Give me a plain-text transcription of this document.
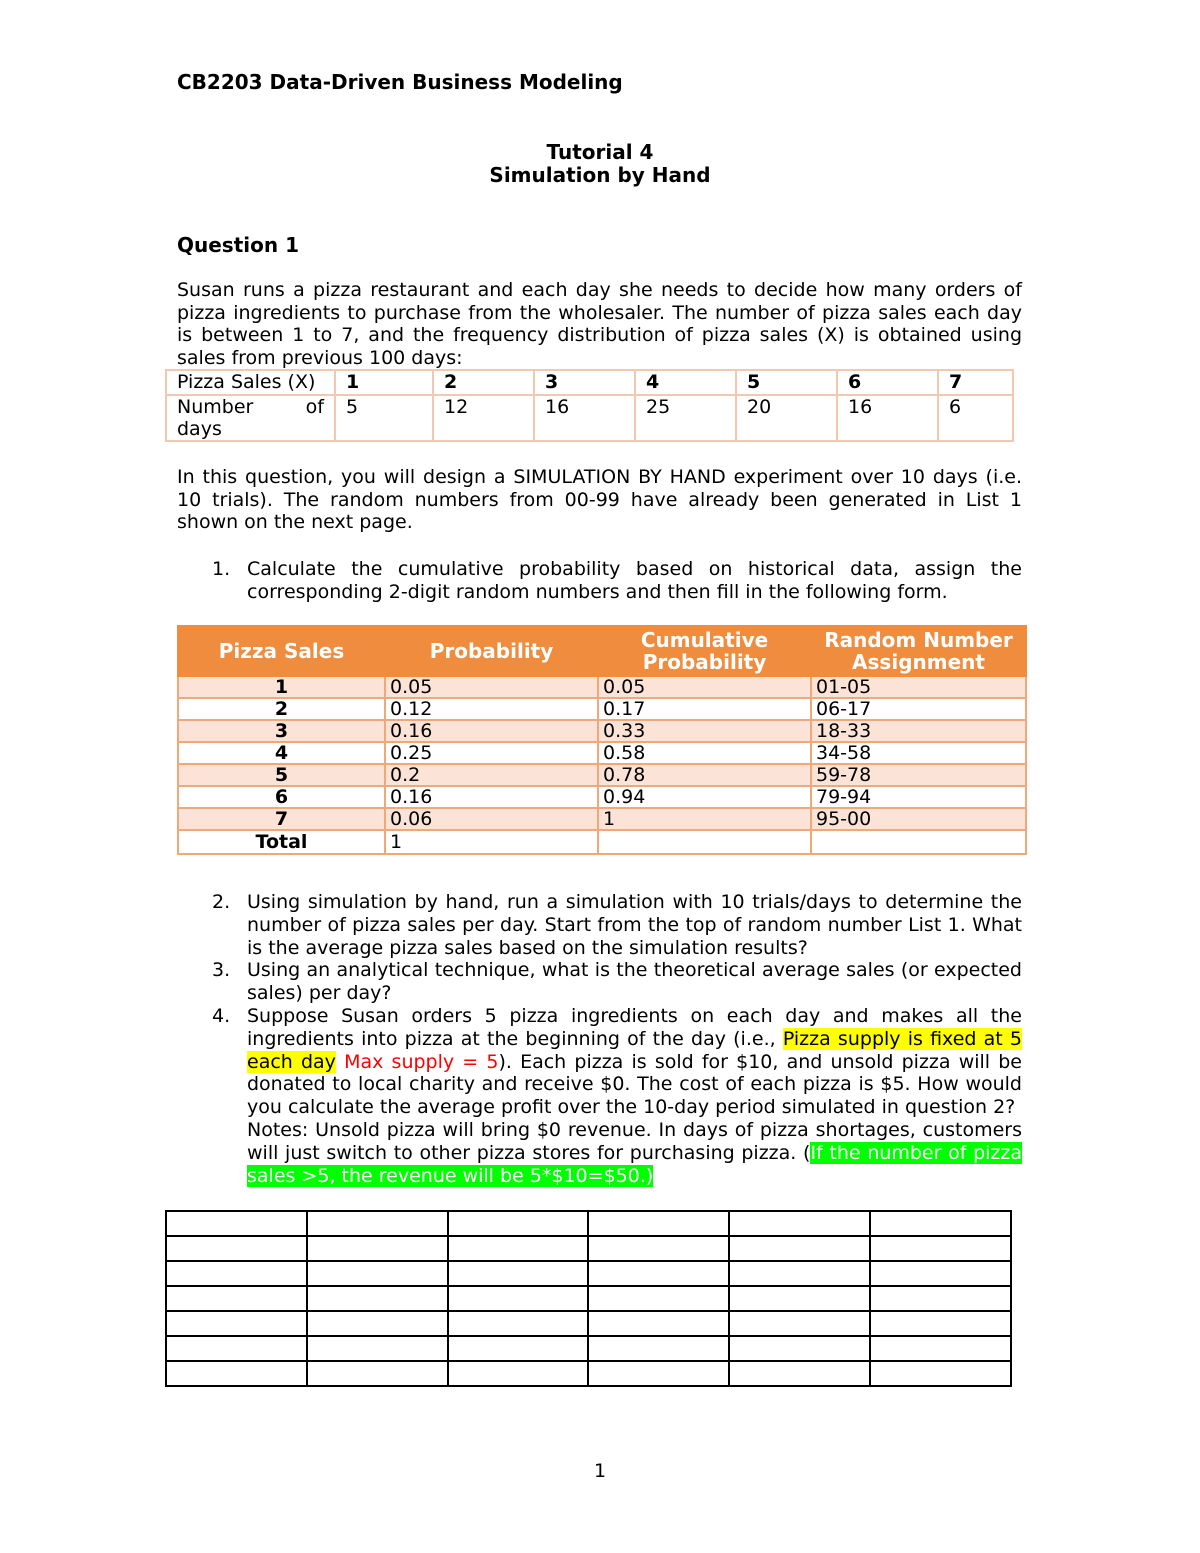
CB2203 Data-Driven Business Modeling
Tutorial 4
Simulation by Hand
Question 1

Susan runs a pizza restaurant and each day she needs to decide how many orders of pizza ingredients to purchase from the wholesaler. The number of pizza sales each day is between 1 to 7, and the frequency distribution of pizza sales (X) is obtained using sales from previous 100 days:

Pizza Sales (X)	1	2	3	4	5	6	7
Number of days	5	12	16	25	20	16	6

In this question, you will design a SIMULATION BY HAND experiment over 10 days (i.e. 10 trials). The random numbers from 00-99 have already been generated in List 1 shown on the next page.

1. Calculate the cumulative probability based on historical data, assign the corresponding 2-digit random numbers and then fill in the following form.
Pizza Sales	Probability	Cumulative Probability	Random Number Assignment
1	0.05	0.05	01-05
2	0.12	0.17	06-17
3	0.16	0.33	18-33
4	0.25	0.58	34-58
5	0.2	0.78	59-78
6	0.16	0.94	79-94
7	0.06	1	95-00
Total	1		
2. Using simulation by hand, run a simulation with 10 trials/days to determine the number of pizza sales per day. Start from the top of random number List 1. What is the average pizza sales based on the simulation results?
3. Using an analytical technique, what is the theoretical average sales (or expected sales) per day?
4. Suppose Susan orders 5 pizza ingredients on each day and makes all the ingredients into pizza at the beginning of the day (i.e., Pizza supply is fixed at 5 each day Max supply = 5). Each pizza is sold for $10, and unsold pizza will be donated to local charity and receive $0. The cost of each pizza is $5. How would you calculate the average profit over the 10-day period simulated in question 2?
Notes: Unsold pizza will bring $0 revenue. In days of pizza shortages, customers will just switch to other pizza stores for purchasing pizza. (If the number of pizza sales >5, the revenue will be 5*$10=$50.)

1
